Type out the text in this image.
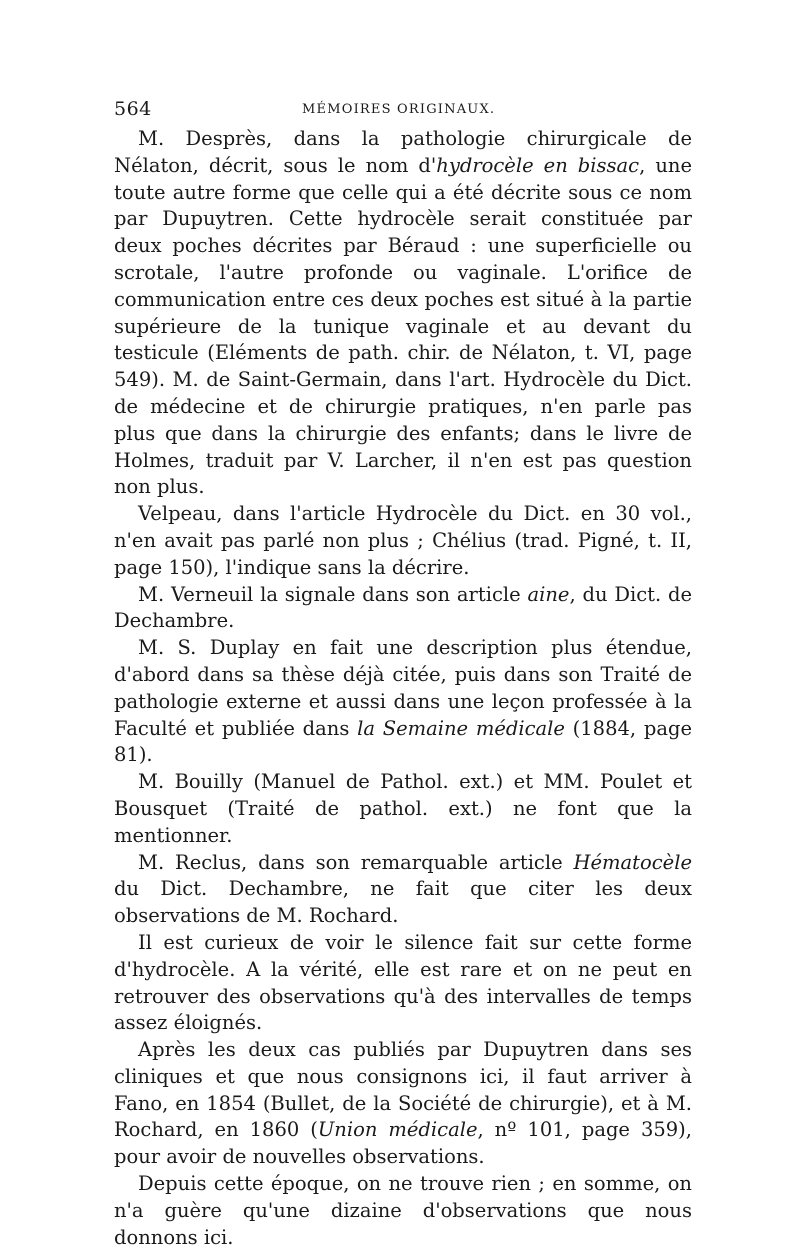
564	MÉMOIRES ORIGINAUX.

M. Desprès, dans la pathologie chirurgicale de Nélaton, décrit, sous le nom d'hydrocèle en bissac, une toute autre forme que celle qui a été décrite sous ce nom par Dupuytren. Cette hydrocèle serait constituée par deux poches décrites par Béraud : une superficielle ou scrotale, l'autre profonde ou vaginale. L'orifice de communication entre ces deux poches est situé à la partie supérieure de la tunique vaginale et au devant du testicule (Eléments de path. chir. de Nélaton, t. VI, page 549). M. de Saint-Germain, dans l'art. Hydrocèle du Dict. de médecine et de chirurgie pratiques, n'en parle pas plus que dans la chirurgie des enfants; dans le livre de Holmes, traduit par V. Larcher, il n'en est pas question non plus.

Velpeau, dans l'article Hydrocèle du Dict. en 30 vol., n'en avait pas parlé non plus ; Chélius (trad. Pigné, t. II, page 150), l'indique sans la décrire.

M. Verneuil la signale dans son article aine, du Dict. de Dechambre.

M. S. Duplay en fait une description plus étendue, d'abord dans sa thèse déjà citée, puis dans son Traité de pathologie externe et aussi dans une leçon professée à la Faculté et publiée dans la Semaine médicale (1884, page 81).

M. Bouilly (Manuel de Pathol. ext.) et MM. Poulet et Bousquet (Traité de pathol. ext.) ne font que la mentionner.

M. Reclus, dans son remarquable article Hématocèle du Dict. Dechambre, ne fait que citer les deux observations de M. Rochard.

Il est curieux de voir le silence fait sur cette forme d'hydrocèle. A la vérité, elle est rare et on ne peut en retrouver des observations qu'à des intervalles de temps assez éloignés.

Après les deux cas publiés par Dupuytren dans ses cliniques et que nous consignons ici, il faut arriver à Fano, en 1854 (Bullet, de la Société de chirurgie), et à M. Rochard, en 1860 (Union médicale, nº 101, page 359), pour avoir de nouvelles observations.

Depuis cette époque, on ne trouve rien ; en somme, on n'a guère qu'une dizaine d'observations que nous donnons ici.
